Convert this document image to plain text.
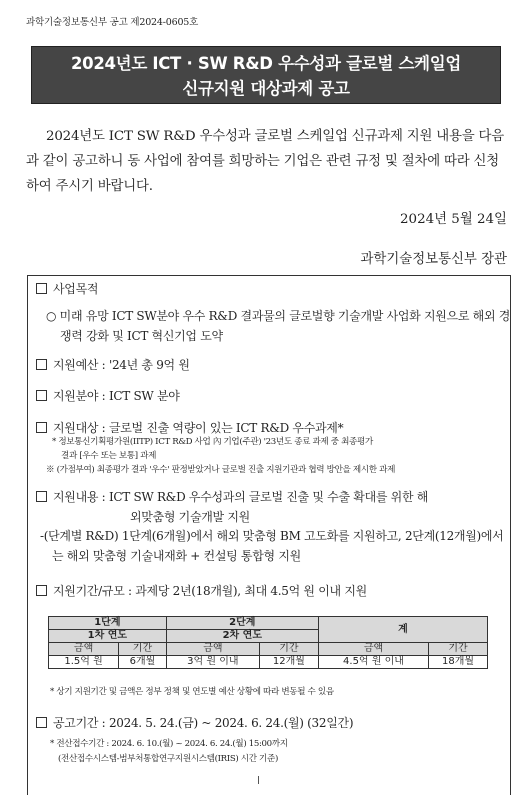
과학기술정보통신부 공고 제2024-0605호
2024년도 ICT · SW R&D 우수성과 글로벌 스케일업
신규지원 대상과제 공고
2024년도 ICT SW R&D 우수성과 글로벌 스케일업 신규과제 지원 내용을 다음과 같이 공고하니 동 사업에 참여를 희망하는 기업은 관련 규정 및 절차에 따라 신청하여 주시기 바랍니다.
2024년 5월 24일
과학기술정보통신부 장관
사업목적
○ 미래 유망 ICT SW분야 우수 R&D 결과물의 글로벌향 기술개발 사업화 지원으로 해외 경쟁력 강화 및 ICT 혁신기업 도약
지원예산 : '24년 총 9억 원
지원분야 : ICT SW 분야
지원대상 : 글로벌 진출 역량이 있는 ICT R&D 우수과제*
* 정보통신기획평가원(IITP) ICT R&D 사업 內 기업(주관) '23년도 종료 과제 중 최종평가
결과 [우수 또는 보통] 과제
※ (가점부여) 최종평가 결과 '우수' 판정받았거나 글로벌 진출 지원기관과 협력 방안을 제시한 과제
지원내용 : ICT SW R&D 우수성과의 글로벌 진출 및 수출 확대를 위한 해
외맞춤형 기술개발 지원
-(단계별 R&D) 1단계(6개월)에서 해외 맞춤형 BM 고도화를 지원하고, 2단계(12개월)에서는 해외 맞춤형 기술내재화 + 컨설팅 통합형 지원
지원기간/규모 : 과제당 2년(18개월), 최대 4.5억 원 이내 지원
1단계		2단계		계	
1차 연도		2차 연도			
금액	기간	금액	기간	금액	기간
1.5억 원	6개월	3억 원 이내	12개월	4.5억 원 이내	18개월
* 상기 지원기간 및 금액은 정부 정책 및 연도별 예산 상황에 따라 변동될 수 있음
공고기간 : 2024. 5. 24.(금) ~ 2024. 6. 24.(월) (32일간)
* 전산접수기간 : 2024. 6. 10.(월) ~ 2024. 6. 24.(월) 15:00까지
(전산접수시스템-범부처통합연구지원시스템(IRIS) 시간 기준)
